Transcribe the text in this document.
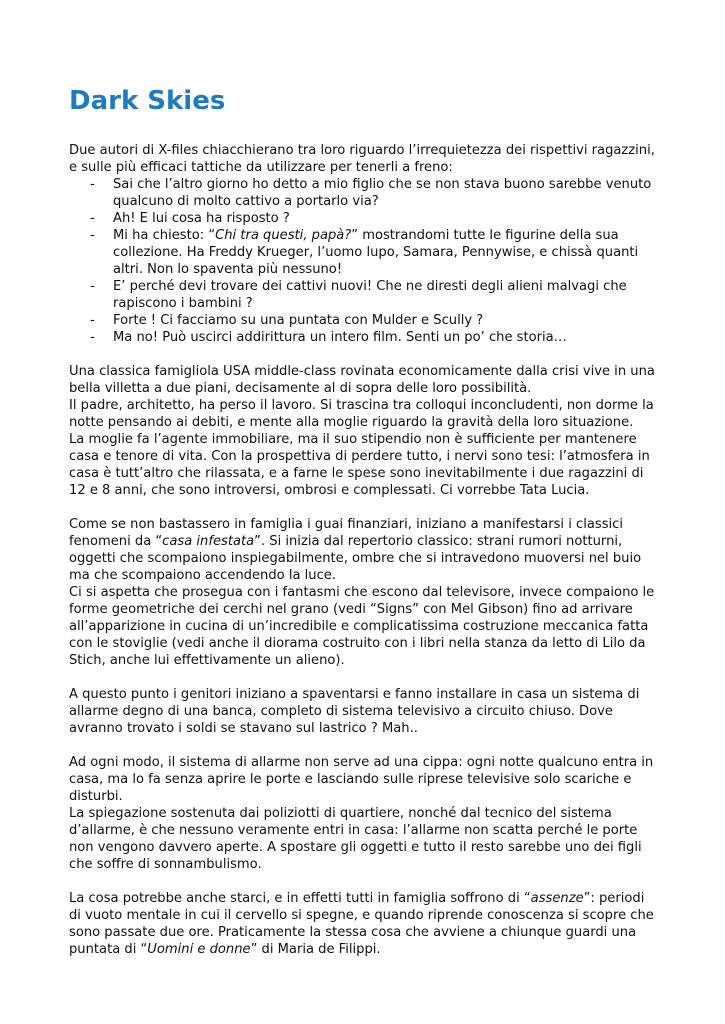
Dark Skies

Due autori di X-files chiacchierano tra loro riguardo l’irrequietezza dei rispettivi ragazzini, e sulle più efficaci tattiche da utilizzare per tenerli a freno:

- Sai che l’altro giorno ho detto a mio figlio che se non stava buono sarebbe venuto qualcuno di molto cattivo a portarlo via?
- Ah! E lui cosa ha risposto ?
- Mi ha chiesto: “Chi tra questi, papà?” mostrandomi tutte le figurine della sua collezione. Ha Freddy Krueger, l’uomo lupo, Samara, Pennywise, e chissà quanti altri. Non lo spaventa più nessuno!
- E’ perché devi trovare dei cattivi nuovi! Che ne diresti degli alieni malvagi che rapiscono i bambini ?
- Forte ! Ci facciamo su una puntata con Mulder e Scully ?
- Ma no! Può uscirci addirittura un intero film. Senti un po’ che storia…

Una classica famigliola USA middle-class rovinata economicamente dalla crisi vive in una bella villetta a due piani, decisamente al di sopra delle loro possibilità.

Il padre, architetto, ha perso il lavoro. Si trascina tra colloqui inconcludenti, non dorme la notte pensando ai debiti, e mente alla moglie riguardo la gravità della loro situazione.

La moglie fa l’agente immobiliare, ma il suo stipendio non è sufficiente per mantenere casa e tenore di vita. Con la prospettiva di perdere tutto, i nervi sono tesi: l’atmosfera in casa è tutt’altro che rilassata, e a farne le spese sono inevitabilmente i due ragazzini di 12 e 8 anni, che sono introversi, ombrosi e complessati. Ci vorrebbe Tata Lucia.

Come se non bastassero in famiglia i guai finanziari, iniziano a manifestarsi i classici fenomeni da “casa infestata”. Si inizia dal repertorio classico: strani rumori notturni, oggetti che scompaiono inspiegabilmente, ombre che si intravedono muoversi nel buio ma che scompaiono accendendo la luce.

Ci si aspetta che prosegua con i fantasmi che escono dal televisore, invece compaiono le forme geometriche dei cerchi nel grano (vedi “Signs” con Mel Gibson) fino ad arrivare all’apparizione in cucina di un’incredibile e complicatissima costruzione meccanica fatta con le stoviglie (vedi anche il diorama costruito con i libri nella stanza da letto di Lilo da Stich, anche lui effettivamente un alieno).

A questo punto i genitori iniziano a spaventarsi e fanno installare in casa un sistema di allarme degno di una banca, completo di sistema televisivo a circuito chiuso. Dove avranno trovato i soldi se stavano sul lastrico ? Mah..

Ad ogni modo, il sistema di allarme non serve ad una cippa: ogni notte qualcuno entra in casa, ma lo fa senza aprire le porte e lasciando sulle riprese televisive solo scariche e disturbi.

La spiegazione sostenuta dai poliziotti di quartiere, nonché dal tecnico del sistema d’allarme, è che nessuno veramente entri in casa: l’allarme non scatta perché le porte non vengono davvero aperte. A spostare gli oggetti e tutto il resto sarebbe uno dei figli che soffre di sonnambulismo.

La cosa potrebbe anche starci, e in effetti tutti in famiglia soffrono di “assenze”: periodi di vuoto mentale in cui il cervello si spegne, e quando riprende conoscenza si scopre che sono passate due ore. Praticamente la stessa cosa che avviene a chiunque guardi una puntata di “Uomini e donne” di Maria de Filippi.
